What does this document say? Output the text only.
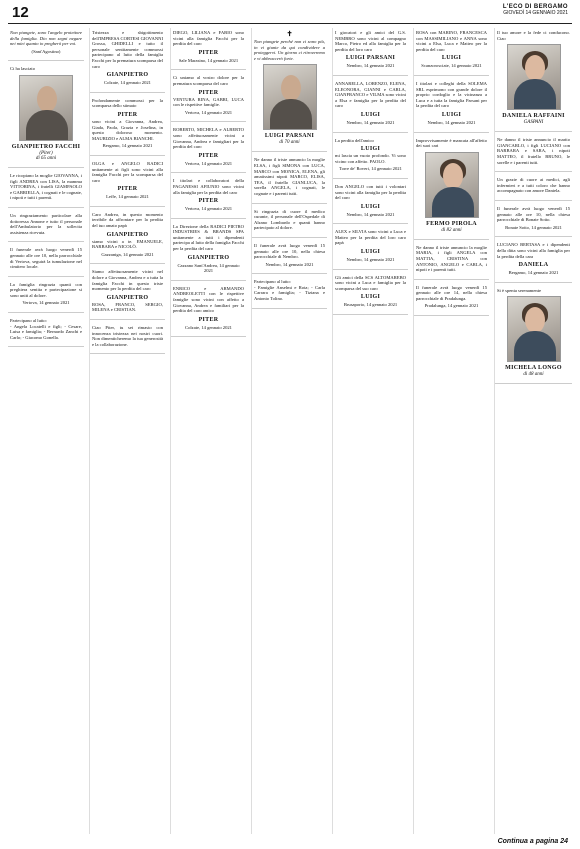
12	L'ECO DI BERGAMO
GIOVEDÌ 14 GENNAIO 2021
Non piangete, sono l'angelo protettore della famiglia. Dio non segni negare nei miei quanto io pregherò per voi.
(Sant'Agostino)
Ci ha lasciato
GIANPIETRO FACCHI
(Piter)
di 65 anni
Le ricopiano la moglie GIOVANNA, i figli ANDREA con LISA, la mamma VITTORINA, i fratelli GIAMPAOLO e GABRIELLA, i cognati e le cognate, i nipoti e tutti i parenti.
Un ringraziamento particolare alla dottoressa Annone e tutto il personale dell'Ambulatorio per la sollecita assistenza ricevuta.
Il funerale avrà luogo venerdì 15 gennaio alle ore 10, nella parrocchiale di Vertova, seguirà la tumulazione nel cimitero locale.
La famiglia ringrazia quanti con preghiera sentita e partecipazione si sono uniti al dolore.
Vertova, 14 gennaio 2021
Partecipano al lutto:
- Angela Locatelli e figli; - Cesare, Luisa e famiglia; - Bernardo Zanchi e Carlo; - Giacomo Gonella.
Tristezza e sbigottimento dell'IMPRESA CORTESI GIOVANNI Grossa, GHIDELLI e tutto il personale sentitamente commossi partecipano al lutto della famiglia Facchi per la prematura scomparsa del caro
GIANPIETRO
Colzate, 14 gennaio 2021
Profondamente commossi per la scomparsa dello stimato
PITER
sono vicini a Giovanna, Andrea, Giada, Paola, Grazia e Joselina, in questo doloroso momento. MAURIZIO e ALMA BIANCHI.
Bergamo, 14 gennaio 2021
OLGA e ANGELO RADICI unitamente ai figli sono vicini alla famiglia Facchi per la scomparsa del caro
PITER
Leffe, 14 gennaio 2021
Caro Andrea, in questo momento terribile da affrontare per la perdita del tuo amato papà
GIANPIETRO
siamo vicini a te. EMANUELE, BARBARA e NICOLÒ.
Gazzaniga, 14 gennaio 2021
Siamo affettuosamente vicini nel dolore a Giovanna, Andrea e a tutta la famiglia Facchi in questo triste momento per la perdita del caro
GIANPIETRO
ROSA, FRANCO, SERGIO, MILENA e CRISTIAN.
Ciao Piter, tu sei rimasto con innocenza tristezza nei nostri cuori. Non dimenticheremo la tua generosità e la collaborazione.
DIEGO, LILIANA e FABIO sono vicini alla famiglia Facchi per la perdita del caro
PITER
Sale Marasino, 14 gennaio 2021
Ci uniamo al vostro dolore per la prematura scomparsa del caro
PITER
VENTURA RINA, GABRI, LUCA con le rispettive famiglie.
Vertova, 14 gennaio 2021
ROBERTO, MICHELA e ALBERTO sono affettuosamente vicini a Giovanna, Andrea e famigliari per la perdita del caro
PITER
Vertova, 14 gennaio 2021
I titolari e collaboratori della PAGANESSI AFIUNIO sono vicini alla famiglia per la perdita del caro
PITER
Vertova, 14 gennaio 2021
La Direzione della RADICI PIETRO INDUSTRIES & BRANDS SPA unitamente a tutti i dipendenti partecipa al lutto della famiglia Facchi per la perdita del caro
GIANPIETRO
Cazzano Sant'Andrea, 14 gennaio 2021
ENRICO e ARMANDO ANDREOLETTI con le rispettive famiglie sono vicini con affetto a Giovanna, Andrea e familiari per la perdita del caro amico
PITER
Colzate, 14 gennaio 2021
✝
Non piangete perché non ci sono più, in vi giunte da qui condividere a proteggervi. Un giorno ci ritroveremo e vi abbraccerò forte.
LUIGI PARSANI
di 70 anni
Ne danno il triste annuncio la moglie ELSA, i figli SIMONA con LUCA, MARCO con MONICA, ELENA, gli amatissimi nipoti MARCO, ELISA, TEA, il fratello GIANLUCA, la sorella ANGELA, i cognati, le cognate e i parenti tutti.
Si ringrazia di cuore il medico curante, il personale dell'Ospedale di Alzano Lombardo e quanti hanno partecipato al dolore.
Il funerale avrà luogo venerdì 15 gennaio alle ore 10, nella chiesa parrocchiale di Nembro.
Nembro, 14 gennaio 2021
Partecipano al lutto:
- Famiglie Anselmi e Rota; - Carla Carrara e famiglia; - Tiziana e Antonio Tolino.
I giocatori e gli amici del G.S. NEMBRO sono vicini al compagno Marco, Pietro ed alla famiglia per la perdita del loro caro
LUIGI PARSANI
Nembro, 14 gennaio 2021
ANNARELLA, LORENZO, ELENA, ELEONORA, GIANNI e CARLA, GIANFRANCO e VILMA sono vicini a Elsa e famiglia per la perdita del caro
LUIGI
Nembro, 14 gennaio 2021
La perdita dell'amico
LUIGI
mi lascia un vuoto profondo. Vi sono vicino con affetto. PAOLO.
Torre de' Roveri, 14 gennaio 2021
Don ANGELO con tutti i volontari sono vicini alla famiglia per la perdita del caro
LUIGI
Nembro, 14 gennaio 2021
ALEX e SILVIA sono vicini a Luca e Matteo per la perdita del loro caro papà
LUIGI
Nembro, 14 gennaio 2021
Gli amici della SCS ALTOMAREBO sono vicini a Luca e famiglia per la scomparsa del suo caro
LUIGI
Brusaporto, 14 gennaio 2021
ROSA con MARINO, FRANCESCA con MASSIMILIANO e ANNA sono vicini a Elsa, Luca e Matteo per la perdita del caro
LUIGI
Scanzorosciate, 14 gennaio 2021
I titolari e colleghi della SOLEMA SRL esprimono con grande dolore il proprio cordoglio e la vicinanza a Luca e a tutta la famiglia Parsani per la perdita del caro
LUIGI
Nembro, 14 gennaio 2021
Improvvisamente è mancata all'affetto dei suoi cari
FERMO PIROLA
di 82 anni
Ne danno il triste annuncio la moglie MARIA, i figli ANGELA con MATTIA, CRISTINA con ANTONIO, ANGELO e CARLA, i nipoti e i parenti tutti.
Il funerale avrà luogo venerdì 15 gennaio alle ore 14, nella chiesa parrocchiale di Pradalunga.
Pradalunga, 14 gennaio 2021
Il tuo amore e la fede ci conducono. Ciao
DANIELA RAFFAINI
GASPANI
Ne danno il triste annuncio il marito GIANCARLO, i figli LUCIANO con BARBARA e SARA, i nipoti MATTEO, il fratello BRUNO, le sorelle e i parenti tutti.
Un grazie di cuore ai medici, agli infermieri e a tutti coloro che hanno accompagnato con amore Daniela.
Il funerale avrà luogo venerdì 15 gennaio alle ore 10, nella chiesa parrocchiale di Bonate Sotto.
Bonate Sotto, 14 gennaio 2021
LUCIANO BERTASA e i dipendenti della ditta sono vicini alla famiglia per la perdita della cara
DANIELA
Bergamo, 14 gennaio 2021
Si è spenta serenamente
MICHELA LONGO
di 48 anni
Continua a pagina 24
